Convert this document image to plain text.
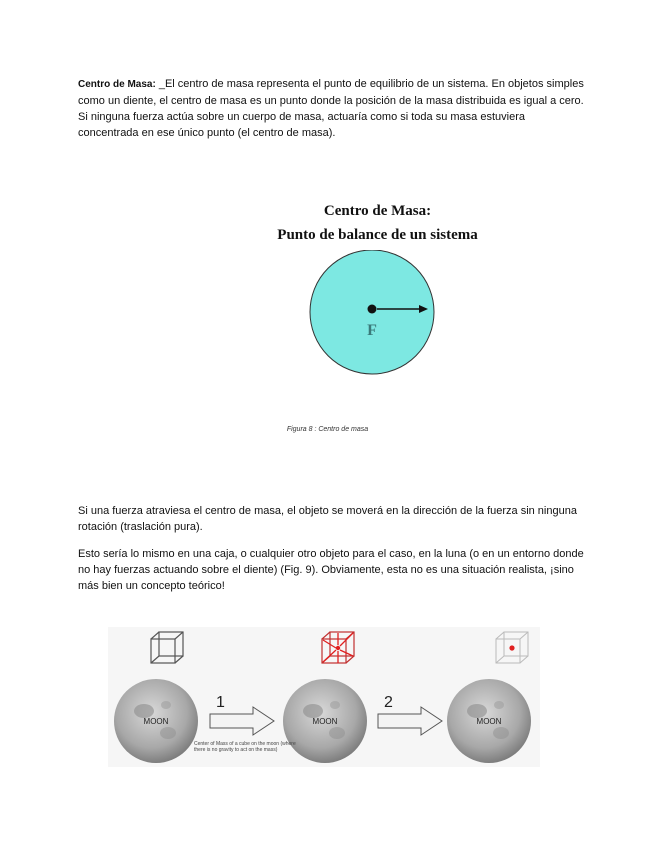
Centro de Masa: _El centro de masa representa el punto de equilibrio de un sistema. En objetos simples como un diente, el centro de masa es un punto donde la posición de la masa distribuida es igual a cero. Si ninguna fuerza actúa sobre un cuerpo de masa, actuaría como si toda su masa estuviera concentrada en ese único punto (el centro de masa).

Centro de Masa:
Punto de balance de un sistema
F
Figura 8 : Centro de masa

Si una fuerza atraviesa el centro de masa, el objeto se moverá en la dirección de la fuerza sin ninguna rotación (traslación pura).

Esto sería lo mismo en una caja, o cualquier otro objeto para el caso, en la luna (o en un entorno donde no hay fuerzas actuando sobre el diente) (Fig. 9). Obviamente, esta no es una situación realista, ¡sino más bien un concepto teórico!

MOON	MOON	MOON
1	2
Center of Mass of a cube on the moon (where there is no gravity to act on the mass)
